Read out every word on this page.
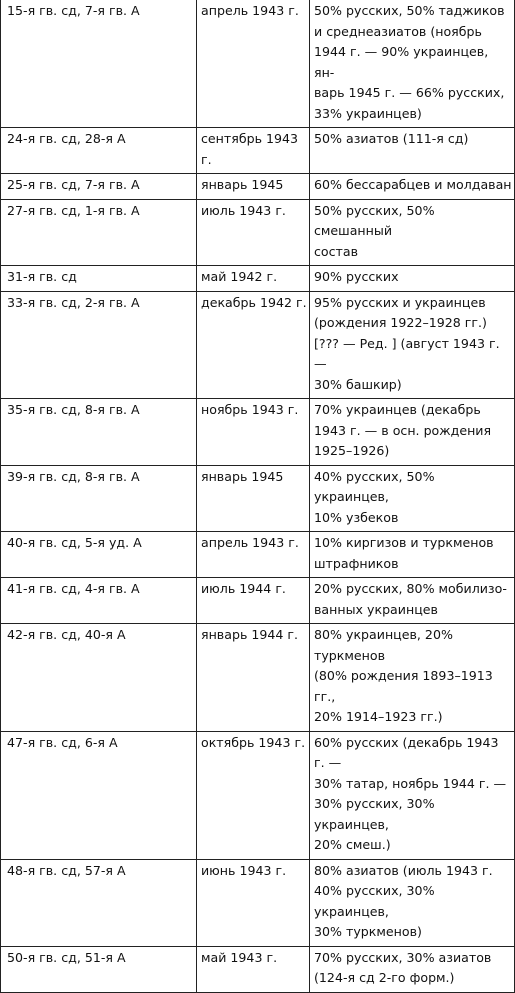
15-я гв. сд, 7-я гв. А	апрель 1943 г.	50% русских, 50% таджиков
и среднеазиатов (ноябрь
1944 г. — 90% украинцев, ян-
варь 1945 г. — 66% русских,
33% украинцев)
24-я гв. сд, 28-я А	сентябрь 1943 г.	50% азиатов (111-я сд)
25-я гв. сд, 7-я гв. А	январь 1945	60% бессарабцев и молдаван
27-я гв. сд, 1-я гв. А	июль 1943 г.	50% русских, 50% смешанный
состав
31-я гв. сд	май 1942 г.	90% русских
33-я гв. сд, 2-я гв. А	декабрь 1942 г.	95% русских и украинцев
(рождения 1922–1928 гг.)
[??? — Ред. ] (август 1943 г. —
30% башкир)
35-я гв. сд, 8-я гв. А	ноябрь 1943 г.	70% украинцев (декабрь
1943 г. — в осн. рождения
1925–1926)
39-я гв. сд, 8-я гв. А	январь 1945	40% русских, 50% украинцев,
10% узбеков
40-я гв. сд, 5-я уд. А	апрель 1943 г.	10% киргизов и туркменов
штрафников
41-я гв. сд, 4-я гв. А	июль 1944 г.	20% русских, 80% мобилизо-
ванных украинцев
42-я гв. сд, 40-я А	январь 1944 г.	80% украинцев, 20% туркменов
(80% рождения 1893–1913 гг.,
20% 1914–1923 гг.)
47-я гв. сд, 6-я А	октябрь 1943 г.	60% русских (декабрь 1943 г. —
30% татар, ноябрь 1944 г. —
30% русских, 30% украинцев,
20% смеш.)
48-я гв. сд, 57-я А	июнь 1943 г.	80% азиатов (июль 1943 г.
40% русских, 30% украинцев,
30% туркменов)
50-я гв. сд, 51-я А	май 1943 г.	70% русских, 30% азиатов
(124-я сд 2-го форм.)
